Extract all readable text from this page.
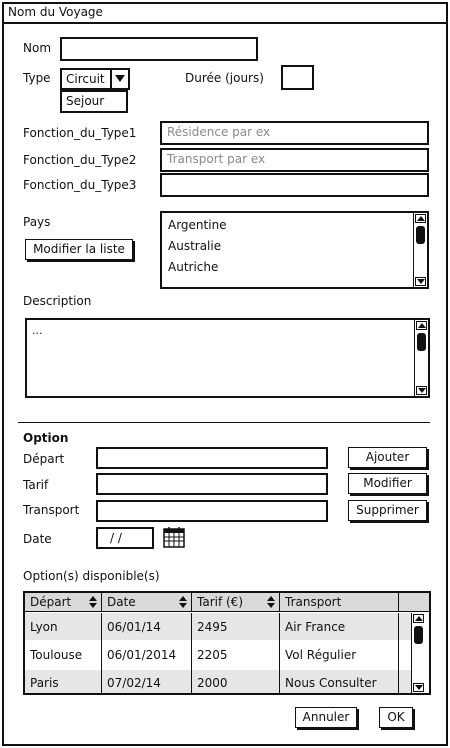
Nom du Voyage
Nom
Type Circuit
Sejour
Durée (jours)
Fonction_du_Type1	Résidence par ex
Fonction_du_Type2	Transport par ex
Fonction_du_Type3
Pays
Modifier la liste
Argentine
Australie
Autriche
Description
...
Option
Départ	Ajouter
Tarif	Modifier
Transport	Supprimer
Date	/ /
Option(s) disponible(s)
Départ	Date	Tarif (€)	Transport
Lyon	06/01/14	2495	Air France
Toulouse	06/01/2014	2205	Vol Régulier
Paris	07/02/14	2000	Nous Consulter
Annuler	OK
